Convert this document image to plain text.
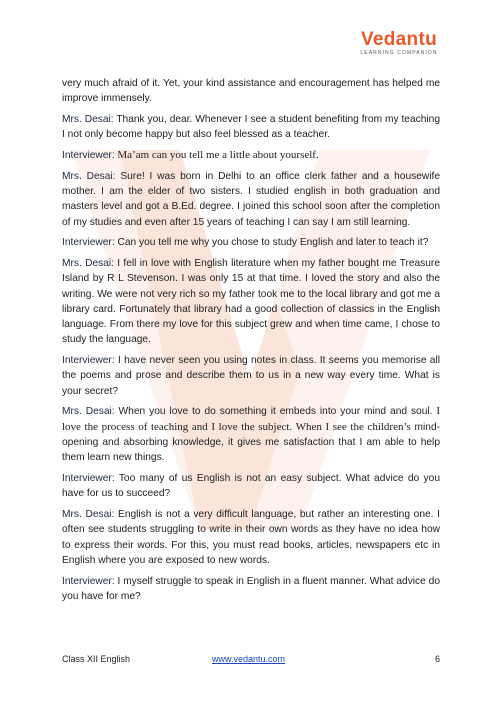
Vedantu
LEARNING COMPANION

very much afraid of it. Yet, your kind assistance and encouragement has helped me improve immensely.

Mrs. Desai: Thank you, dear. Whenever I see a student benefiting from my teaching I not only become happy but also feel blessed as a teacher.

Interviewer: Ma’am can you tell me a little about yourself.

Mrs. Desai: Sure! I was born in Delhi to an office clerk father and a housewife mother. I am the elder of two sisters. I studied english in both graduation and masters level and got a B.Ed. degree. I joined this school soon after the completion of my studies and even after 15 years of teaching I can say I am still learning.

Interviewer: Can you tell me why you chose to study English and later to teach it?

Mrs. Desai: I fell in love with English literature when my father bought me Treasure Island by R L Stevenson. I was only 15 at that time. I loved the story and also the writing. We were not very rich so my father took me to the local library and got me a library card. Fortunately that library had a good collection of classics in the English language. From there my love for this subject grew and when time came, I chose to study the language.

Interviewer: I have never seen you using notes in class. It seems you memorise all the poems and prose and describe them to us in a new way every time. What is your secret?

Mrs. Desai: When you love to do something it embeds into your mind and soul. I love the process of teaching and I love the subject. When I see the children’s mind-opening and absorbing knowledge, it gives me satisfaction that I am able to help them learn new things.

Interviewer: Too many of us English is not an easy subject. What advice do you have for us to succeed?

Mrs. Desai: English is not a very difficult language, but rather an interesting one. I often see students struggling to write in their own words as they have no idea how to express their words. For this, you must read books, articles, newspapers etc in English where you are exposed to new words.

Interviewer: I myself struggle to speak in English in a fluent manner. What advice do you have for me?

Class XII English	www.vedantu.com	6
